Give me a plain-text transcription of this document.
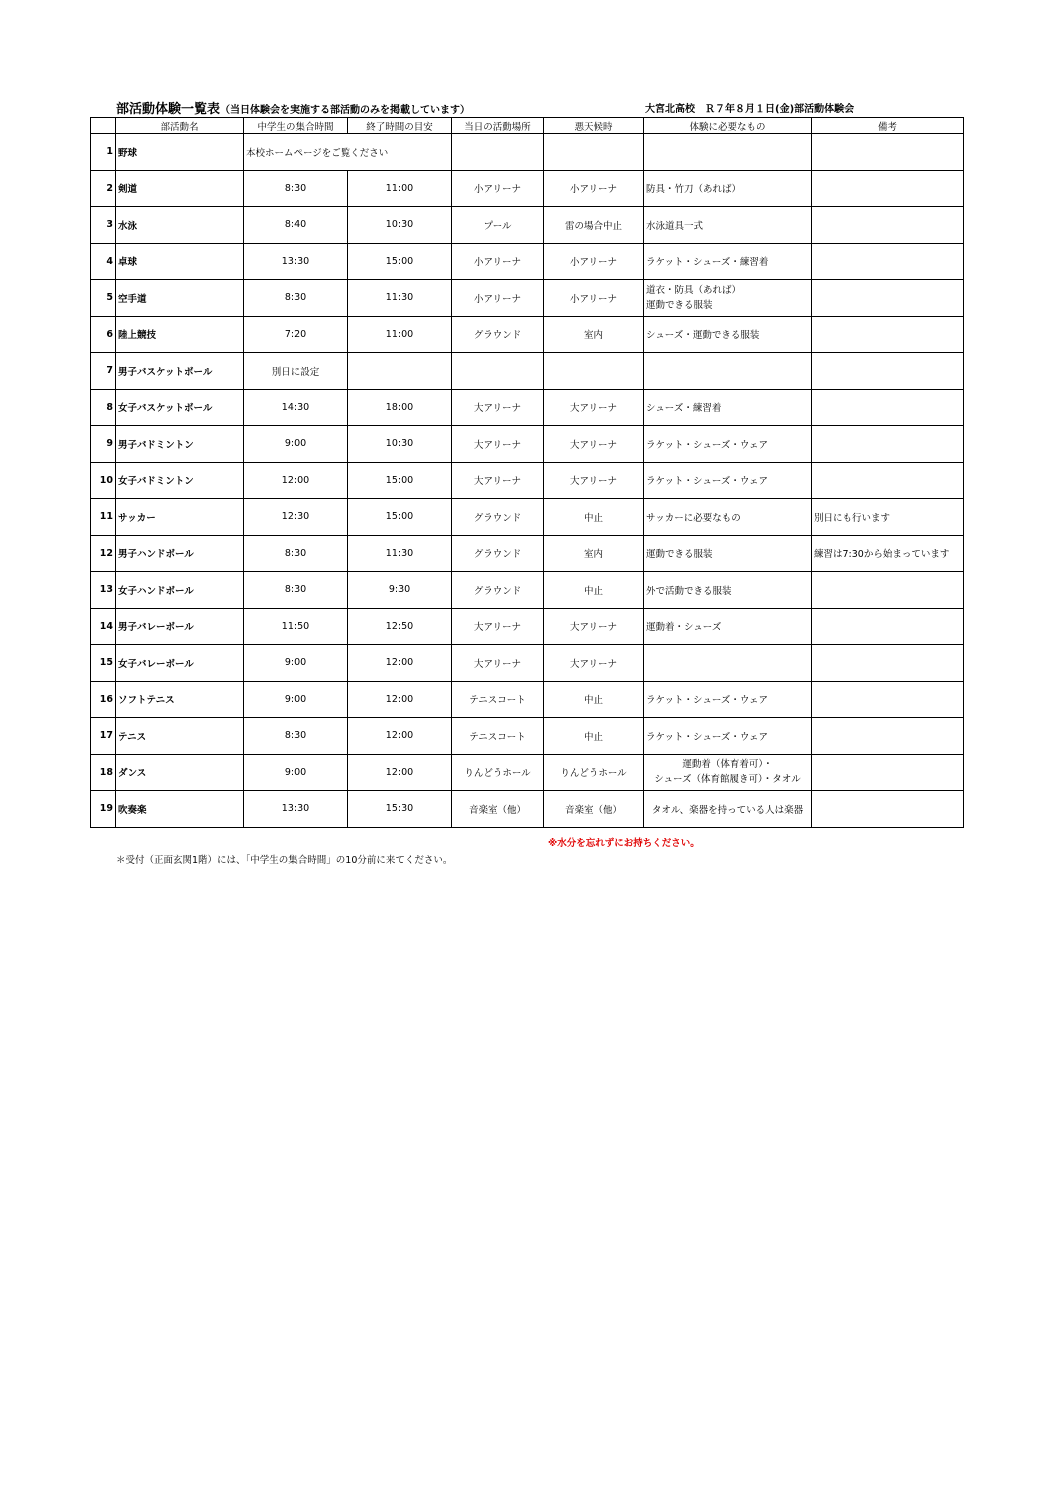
部活動体験一覧表（当日体験会を実施する部活動のみを掲載しています）	大宮北高校　Ｒ７年８月１日(金)部活動体験会
	部活動名	中学生の集合時間	終了時間の目安	当日の活動場所	悪天候時	体験に必要なもの	備考
1	野球	本校ホームページをご覧ください					
2	剣道	8:30	11:00	小アリーナ	小アリーナ	防具・竹刀（あれば）	
3	水泳	8:40	10:30	プール	雷の場合中止	水泳道具一式	
4	卓球	13:30	15:00	小アリーナ	小アリーナ	ラケット・シューズ・練習着	
5	空手道	8:30	11:30	小アリーナ	小アリーナ	道衣・防具（あれば）
運動できる服装	

6	陸上競技	7:20	11:00	グラウンド	室内	シューズ・運動できる服装	
7	男子バスケットボール	別日に設定					
8	女子バスケットボール	14:30	18:00	大アリーナ	大アリーナ	シューズ・練習着	
9	男子バドミントン	9:00	10:30	大アリーナ	大アリーナ	ラケット・シューズ・ウェア	
10	女子バドミントン	12:00	15:00	大アリーナ	大アリーナ	ラケット・シューズ・ウェア	
11	サッカー	12:30	15:00	グラウンド	中止	サッカーに必要なもの	別日にも行います
12	男子ハンドボール	8:30	11:30	グラウンド	室内	運動できる服装	練習は7:30から始まっています
13	女子ハンドボール	8:30	9:30	グラウンド	中止	外で活動できる服装	
14	男子バレーボール	11:50	12:50	大アリーナ	大アリーナ	運動着・シューズ	
15	女子バレーボール	9:00	12:00	大アリーナ	大アリーナ		
16	ソフトテニス	9:00	12:00	テニスコート	中止	ラケット・シューズ・ウェア	
17	テニス	8:30	12:00	テニスコート	中止	ラケット・シューズ・ウェア	
18	ダンス	9:00	12:00	りんどうホール	りんどうホール	運動着（体育着可）・
シューズ（体育館履き可）・タオル	

19	吹奏楽	13:30	15:30	音楽室（他）	音楽室（他）	タオル、楽器を持っている人は楽器	
※水分を忘れずにお持ちください。
＊受付（正面玄関1階）には、「中学生の集合時間」の10分前に来てください。
